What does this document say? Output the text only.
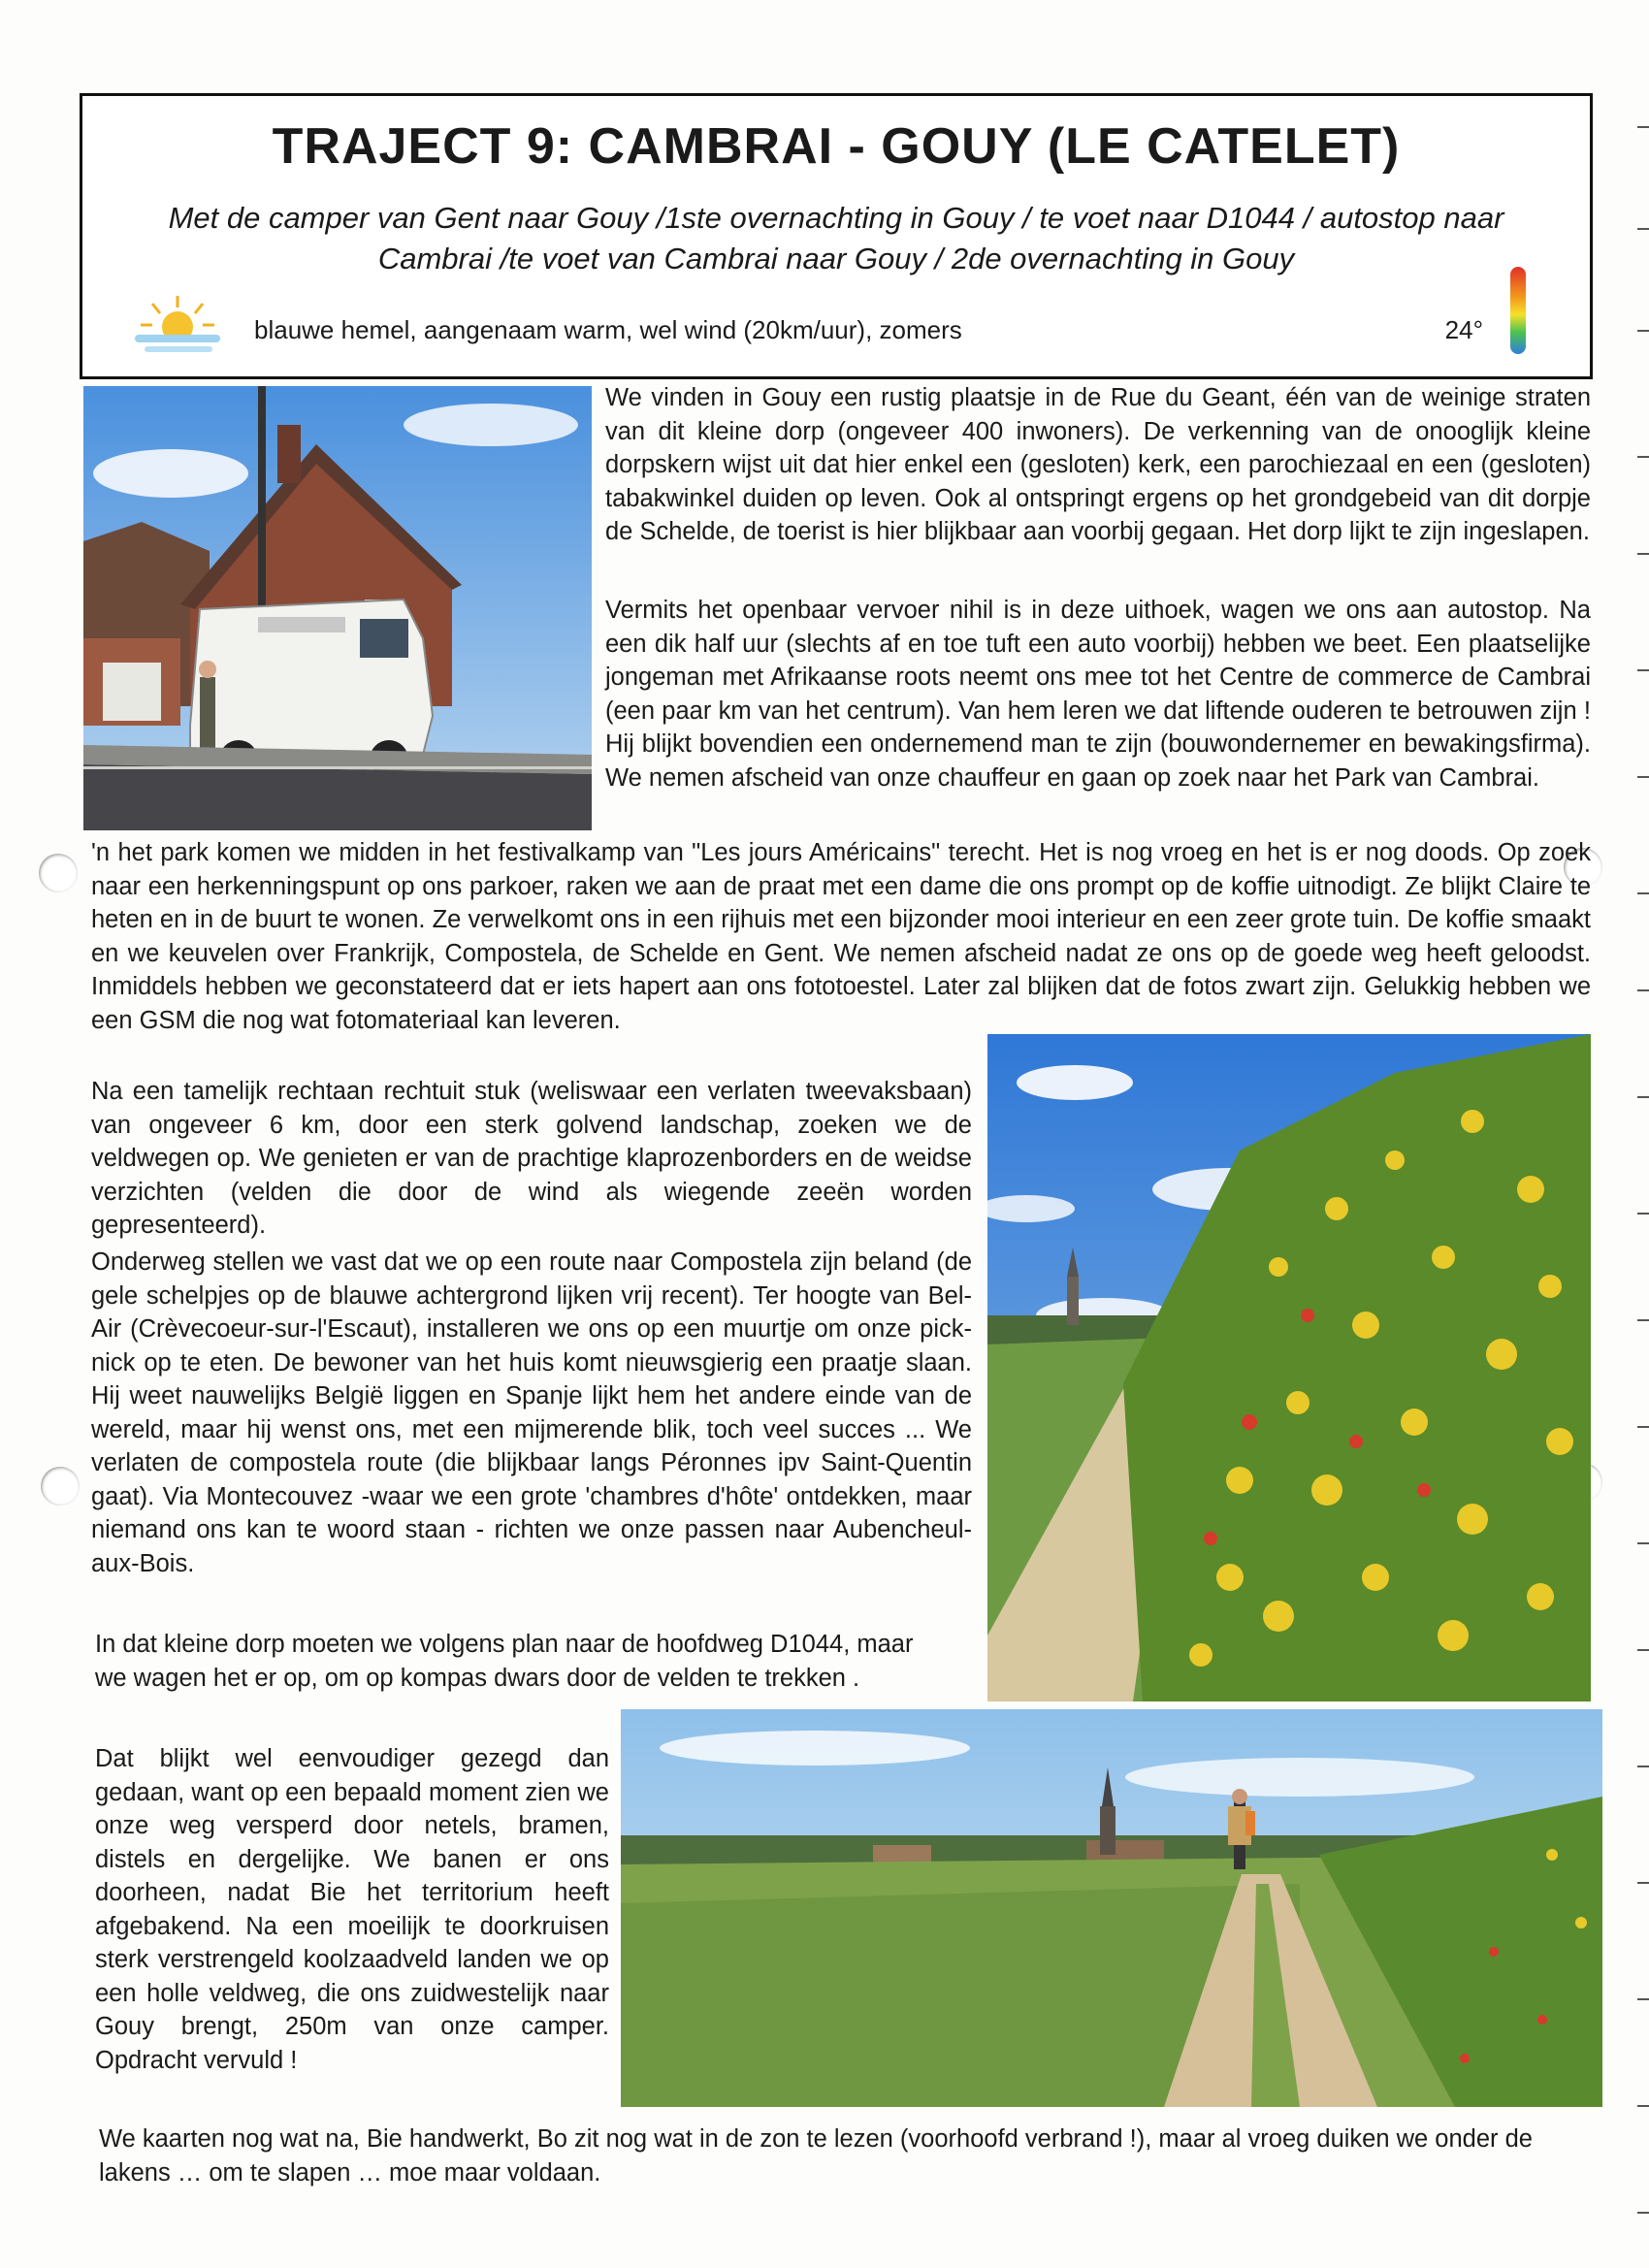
TRAJECT 9: CAMBRAI - GOUY (LE CATELET)
Met de camper van Gent naar Gouy /1ste overnachting in Gouy / te voet naar D1044 / autostop naar
Cambrai /te voet van Cambrai naar Gouy / 2de overnachting in Gouy
blauwe hemel, aangenaam warm, wel wind (20km/uur), zomers	24°

We vinden in Gouy een rustig plaatsje in de Rue du Geant, één van de weinige straten van dit kleine dorp (ongeveer 400 inwoners). De verkenning van de onooglijk kleine dorpskern wijst uit dat hier enkel een (gesloten) kerk, een parochiezaal en een (gesloten) tabakwinkel duiden op leven. Ook al ontspringt ergens op het grondgebeid van dit dorpje de Schelde, de toerist is hier blijkbaar aan voorbij gegaan. Het dorp lijkt te zijn ingeslapen.

Vermits het openbaar vervoer nihil is in deze uithoek, wagen we ons aan autostop. Na een dik half uur (slechts af en toe tuft een auto voorbij) hebben we beet. Een plaatselijke jongeman met Afrikaanse roots neemt ons mee tot het Centre de commerce de Cambrai (een paar km van het centrum). Van hem leren we dat liftende ouderen te betrouwen zijn ! Hij blijkt bovendien een ondernemend man te zijn (bouwondernemer en bewakingsfirma). We nemen afscheid van onze chauffeur en gaan op zoek naar het Park van Cambrai.

'n het park komen we midden in het festivalkamp van "Les jours Américains" terecht. Het is nog vroeg en het is er nog doods. Op zoek naar een herkenningspunt op ons parkoer, raken we aan de praat met een dame die ons prompt op de koffie uitnodigt. Ze blijkt Claire te heten en in de buurt te wonen. Ze verwelkomt ons in een rijhuis met een bijzonder mooi interieur en een zeer grote tuin. De koffie smaakt en we keuvelen over Frankrijk, Compostela, de Schelde en Gent. We nemen afscheid nadat ze ons op de goede weg heeft geloodst. Inmiddels hebben we geconstateerd dat er iets hapert aan ons fototoestel. Later zal blijken dat de fotos zwart zijn. Gelukkig hebben we een GSM die nog wat fotomateriaal kan leveren.

Na een tamelijk rechtaan rechtuit stuk (weliswaar een verlaten tweevaksbaan) van ongeveer 6 km, door een sterk golvend landschap, zoeken we de veldwegen op. We genieten er van de prachtige klaprozenborders en de weidse verzichten (velden die door de wind als wiegende zeeën worden gepresenteerd).

Onderweg stellen we vast dat we op een route naar Compostela zijn beland (de gele schelpjes op de blauwe achtergrond lijken vrij recent). Ter hoogte van Bel-Air (Crèvecoeur-sur-l'Escaut), installeren we ons op een muurtje om onze pick-nick op te eten. De bewoner van het huis komt nieuwsgierig een praatje slaan. Hij weet nauwelijks België liggen en Spanje lijkt hem het andere einde van de wereld, maar hij wenst ons, met een mijmerende blik, toch veel succes ... We verlaten de compostela route (die blijkbaar langs Péronnes ipv Saint-Quentin gaat). Via Montecouvez -waar we een grote 'chambres d'hôte' ontdekken, maar niemand ons kan te woord staan - richten we onze passen naar Aubencheul-aux-Bois.

In dat kleine dorp moeten we volgens plan naar de hoofdweg D1044, maar we wagen het er op, om op kompas dwars door de velden te trekken .

Dat blijkt wel eenvoudiger gezegd dan gedaan, want op een bepaald moment zien we onze weg versperd door netels, bramen, distels en dergelijke. We banen er ons doorheen, nadat Bie het territorium heeft afgebakend. Na een moeilijk te doorkruisen sterk verstrengeld koolzaadveld landen we op een holle veldweg, die ons zuidwestelijk naar Gouy brengt, 250m van onze camper. Opdracht vervuld !

We kaarten nog wat na, Bie handwerkt, Bo zit nog wat in de zon te lezen (voorhoofd verbrand !), maar al vroeg duiken we onder de lakens … om te slapen … moe maar voldaan.
